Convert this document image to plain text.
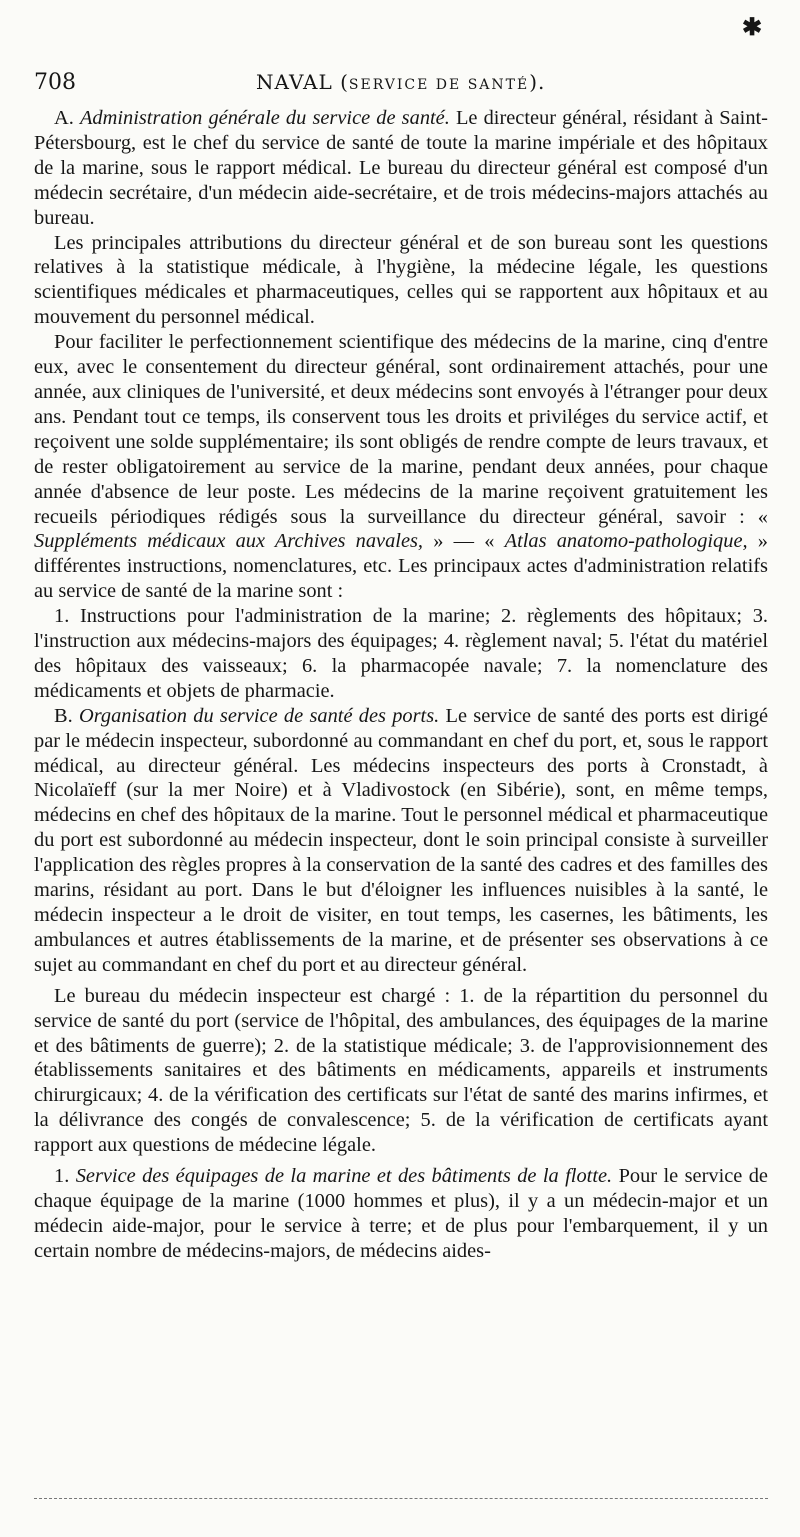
✱
708	NAVAL (SERVICE DE SANTÉ).

A. Administration générale du service de santé. Le directeur général, résidant à Saint-Pétersbourg, est le chef du service de santé de toute la marine impériale et des hôpitaux de la marine, sous le rapport médical. Le bureau du directeur général est composé d'un médecin secrétaire, d'un médecin aide-secrétaire, et de trois médecins-majors attachés au bureau.

Les principales attributions du directeur général et de son bureau sont les questions relatives à la statistique médicale, à l'hygiène, la médecine légale, les questions scientifiques médicales et pharmaceutiques, celles qui se rapportent aux hôpitaux et au mouvement du personnel médical.

Pour faciliter le perfectionnement scientifique des médecins de la marine, cinq d'entre eux, avec le consentement du directeur général, sont ordinairement attachés, pour une année, aux cliniques de l'université, et deux médecins sont envoyés à l'étranger pour deux ans. Pendant tout ce temps, ils conservent tous les droits et priviléges du service actif, et reçoivent une solde supplémentaire; ils sont obligés de rendre compte de leurs travaux, et de rester obligatoirement au service de la marine, pendant deux années, pour chaque année d'absence de leur poste. Les médecins de la marine reçoivent gratuitement les recueils périodiques rédigés sous la surveillance du directeur général, savoir : « Suppléments médicaux aux Archives navales, » — « Atlas anatomo-pathologique, » différentes instructions, nomenclatures, etc. Les principaux actes d'administration relatifs au service de santé de la marine sont :

1. Instructions pour l'administration de la marine; 2. règlements des hôpitaux; 3. l'instruction aux médecins-majors des équipages; 4. règlement naval; 5. l'état du matériel des hôpitaux des vaisseaux; 6. la pharmacopée navale; 7. la nomenclature des médicaments et objets de pharmacie.

B. Organisation du service de santé des ports. Le service de santé des ports est dirigé par le médecin inspecteur, subordonné au commandant en chef du port, et, sous le rapport médical, au directeur général. Les médecins inspecteurs des ports à Cronstadt, à Nicolaïeff (sur la mer Noire) et à Vladivostock (en Sibérie), sont, en même temps, médecins en chef des hôpitaux de la marine. Tout le personnel médical et pharmaceutique du port est subordonné au médecin inspecteur, dont le soin principal consiste à surveiller l'application des règles propres à la conservation de la santé des cadres et des familles des marins, résidant au port. Dans le but d'éloigner les influences nuisibles à la santé, le médecin inspecteur a le droit de visiter, en tout temps, les casernes, les bâtiments, les ambulances et autres établissements de la marine, et de présenter ses observations à ce sujet au commandant en chef du port et au directeur général.

Le bureau du médecin inspecteur est chargé : 1. de la répartition du personnel du service de santé du port (service de l'hôpital, des ambulances, des équipages de la marine et des bâtiments de guerre); 2. de la statistique médicale; 3. de l'approvisionnement des établissements sanitaires et des bâtiments en médicaments, appareils et instruments chirurgicaux; 4. de la vérification des certificats sur l'état de santé des marins infirmes, et la délivrance des congés de convalescence; 5. de la vérification de certificats ayant rapport aux questions de médecine légale.

1. Service des équipages de la marine et des bâtiments de la flotte. Pour le service de chaque équipage de la marine (1000 hommes et plus), il y a un médecin-major et un médecin aide-major, pour le service à terre; et de plus pour l'embarquement, il y un certain nombre de médecins-majors, de médecins aides-
